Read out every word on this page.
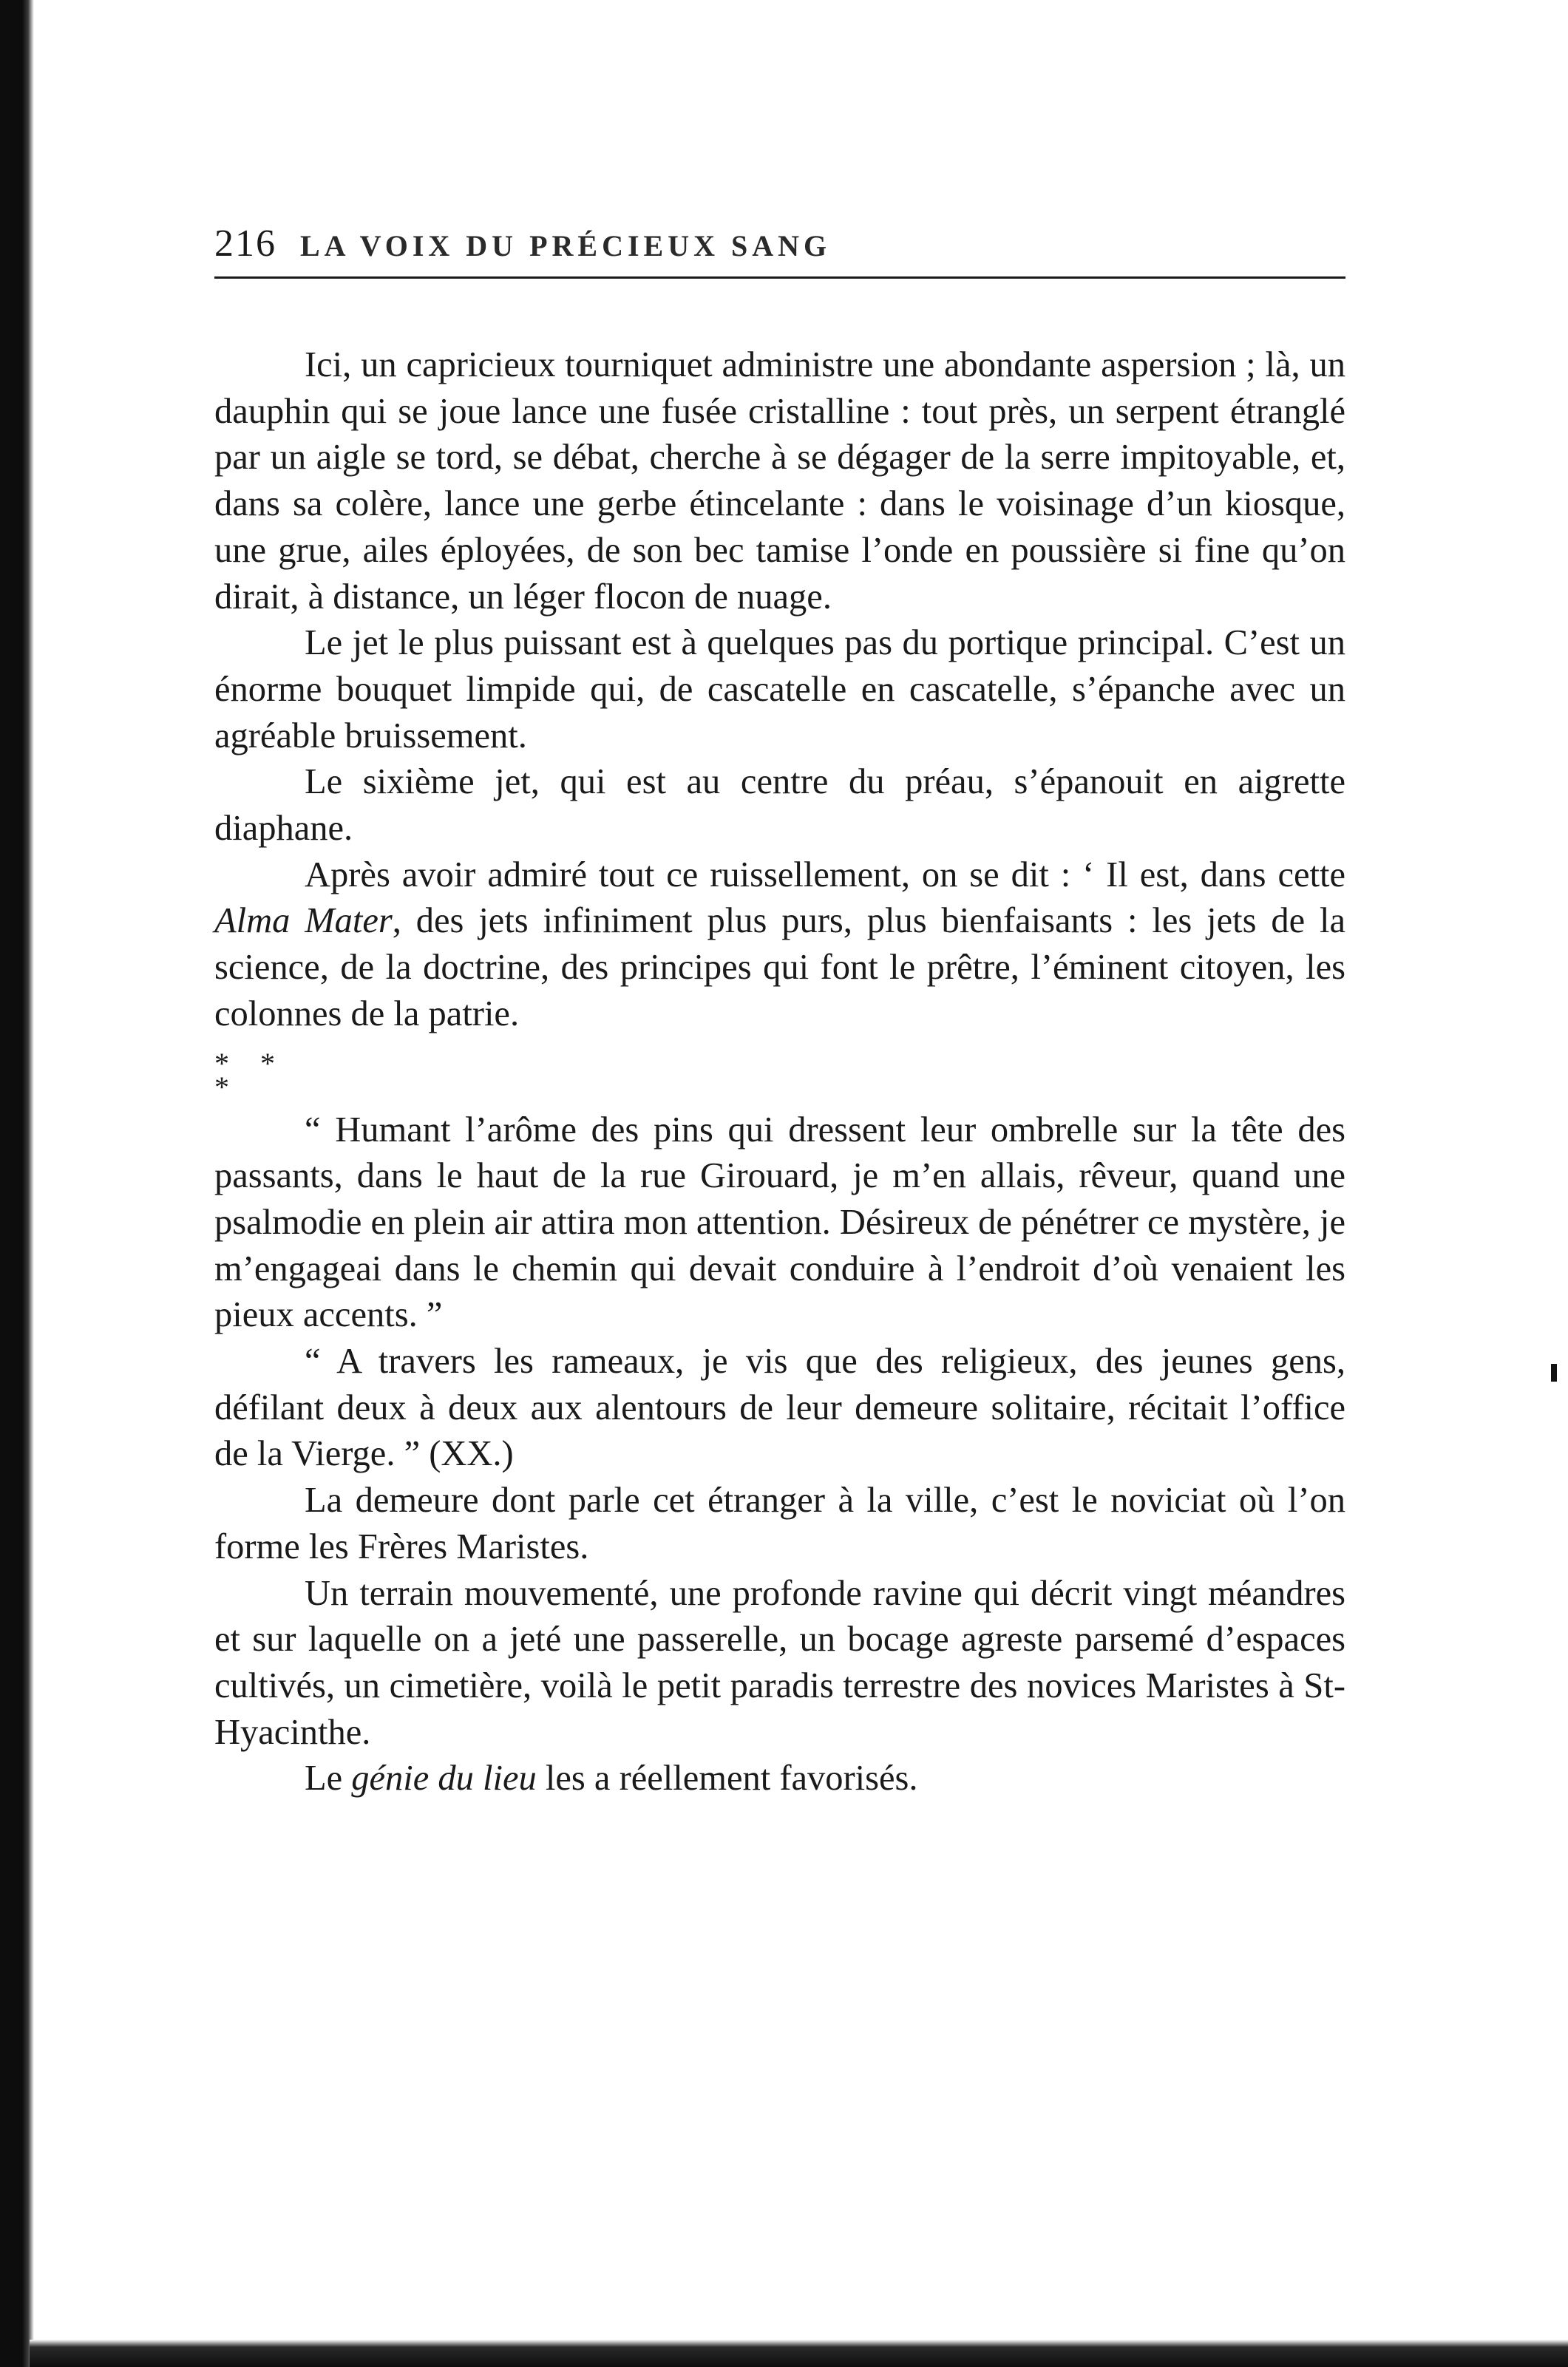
216 LA VOIX DU PRÉCIEUX SANG

Ici, un capricieux tourniquet administre une abondante aspersion ; là, un dauphin qui se joue lance une fusée cristalline : tout près, un serpent étranglé par un aigle se tord, se débat, cherche à se dégager de la serre impitoyable, et, dans sa colère, lance une gerbe étincelante : dans le voisinage d’un kiosque, une grue, ailes éployées, de son bec tamise l’onde en poussière si fine qu’on dirait, à distance, un léger flocon de nuage.

Le jet le plus puissant est à quelques pas du portique principal. C’est un énorme bouquet limpide qui, de cascatelle en cascatelle, s’épanche avec un agréable bruissement.

Le sixième jet, qui est au centre du préau, s’épanouit en aigrette diaphane.

Après avoir admiré tout ce ruissellement, on se dit : ‘ Il est, dans cette Alma Mater, des jets infiniment plus purs, plus bienfaisants : les jets de la science, de la doctrine, des principes qui font le prêtre, l’éminent citoyen, les colonnes de la patrie.

* *
*

“ Humant l’arôme des pins qui dressent leur ombrelle sur la tête des passants, dans le haut de la rue Girouard, je m’en allais, rêveur, quand une psalmodie en plein air attira mon attention. Désireux de pénétrer ce mystère, je m’engageai dans le chemin qui devait conduire à l’endroit d’où venaient les pieux accents. ”

“ A travers les rameaux, je vis que des religieux, des jeunes gens, défilant deux à deux aux alentours de leur demeure solitaire, récitait l’office de la Vierge. ” (XX.)

La demeure dont parle cet étranger à la ville, c’est le noviciat où l’on forme les Frères Maristes.

Un terrain mouvementé, une profonde ravine qui décrit vingt méandres et sur laquelle on a jeté une passerelle, un bocage agreste parsemé d’espaces cultivés, un cimetière, voilà le petit paradis terrestre des novices Maristes à St-Hyacinthe.

Le génie du lieu les a réellement favorisés.
